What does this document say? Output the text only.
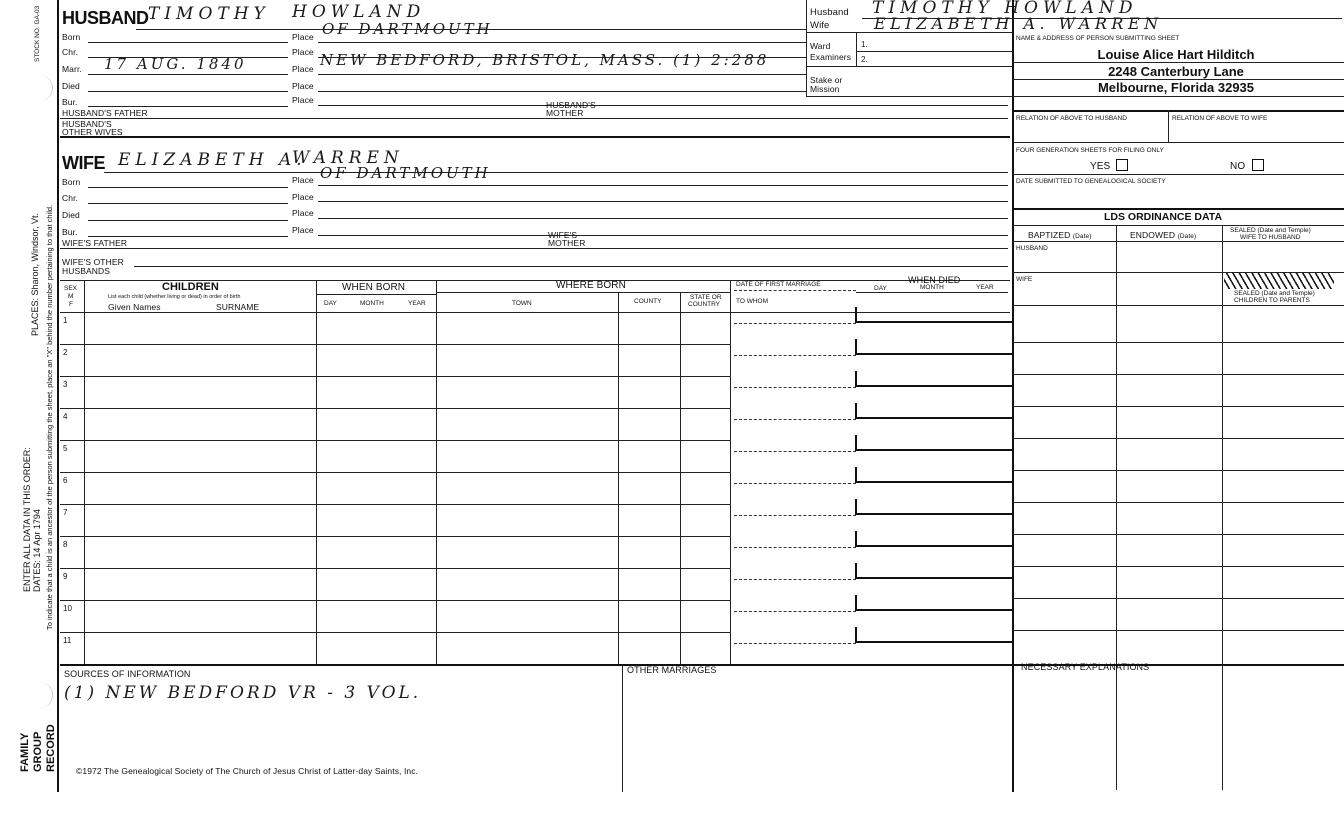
STOCK NO. GA-03
PLACES: Sharon, Windsor, Vt.
ENTER ALL DATA IN THIS ORDER: DATES: 14 Apr 1794 To indicate that a child is an ancestor of the person submitting the sheet, place an "X" behind the number pertaining to that child.
FAMILY GROUP RECORD
HUSBAND TIMOTHY HOWLAND
OF DARTMOUTH
Born	Place
Chr.	Place
Marr. 17 AUG. 1840	Place NEW BEDFORD, BRISTOL, MASS. (1) 2:288
Died	Place
Bur.	Place
HUSBAND'S FATHER
HUSBAND'S
MOTHER
HUSBAND'S
OTHER WIVES
WIFE ELIZABETH A.
WARREN
Born	Place OF DARTMOUTH
Chr.	Place
Died	Place
Bur.	Place
WIFE'S FATHER
WIFE'S
MOTHER
WIFE'S OTHER
HUSBANDS
Husband TIMOTHY HOWLAND
Wife	ELIZABETH A. WARREN
Ward	1.
Examiners 2.
Stake or
Mission
NAME & ADDRESS OF PERSON SUBMITTING SHEET
Louise Alice Hart Hilditch
2248 Canterbury Lane
Melbourne, Florida 32935
RELATION OF ABOVE TO HUSBAND	RELATION OF ABOVE TO WIFE
FOUR GENERATION SHEETS FOR FILING ONLY
YES	NO
DATE SUBMITTED TO GENEALOGICAL SOCIETY
LDS ORDINANCE DATA
BAPTIZED (Date)	ENDOWED (Date)
SEALED (Date and Temple)
WIFE TO HUSBAND
HUSBAND
WIFE
SEALED (Date and Temple)
CHILDREN TO PARENTS
SEX
M
F
CHILDREN
List each child (whether living or dead) in order of birth
Given Names	SURNAME
WHEN BORN
DAY	MONTH	YEAR
WHERE BORN
TOWN	COUNTY
STATE OR
COUNTRY
DATE OF FIRST MARRIAGE
TO WHOM
WHEN DIED
DAY	MONTH	YEAR
1
2
3
4
5
6
7
8
9
10
11
SOURCES OF INFORMATION
(1) NEW BEDFORD VR - 3 VOL.
OTHER MARRIAGES	NECESSARY EXPLANATIONS
©1972 The Genealogical Society of The Church of Jesus Christ of Latter-day Saints, Inc.
